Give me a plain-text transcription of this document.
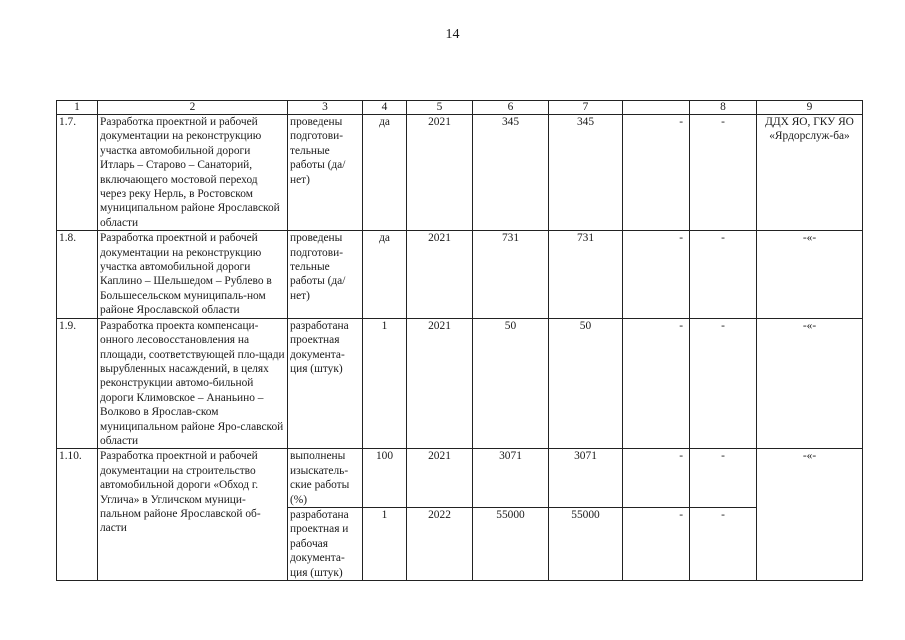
14
1	2	3	4	5	6	7		8	9
1.7.	Разработка проектной и рабочей документации на реконструкцию участка автомобильной дороги Итларь – Старово – Санаторий, включающего мостовой переход через реку Нерль, в Ростовском муниципальном районе Ярославской области	проведены подготови-тельные работы (да/нет)	да	2021	345	345	-	-	ДДХ ЯО, ГКУ ЯО «Ярдорслуж-ба»
1.8.	Разработка проектной и рабочей документации на реконструкцию участка автомобильной дороги Каплино – Шельшедом – Рублево в Большесельском муниципаль-ном районе Ярославской области	проведены подготови-тельные работы (да/нет)	да	2021	731	731	-	-	-«-
1.9.	Разработка проекта компенсаци-онного лесовосстановления на площади, соответствующей пло-щади вырубленных насаждений, в целях реконструкции автомо-бильной дороги Климовское – Ананьино – Волково в Ярослав-ском муниципальном районе Яро-славской области	разработана проектная документа-ция (штук)	1	2021	50	50	-	-	-«-
1.10.	Разработка проектной и рабочей документации на строительство автомобильной дороги «Обход г. Углича» в Угличском муници-пальном районе Ярославской об-ласти	выполнены изыскатель-ские работы (%)	100	2021	3071	3071	-	-	-«-
		разработана проектная и рабочая документа-ция (штук)	1	2022	55000	55000	-	-	
